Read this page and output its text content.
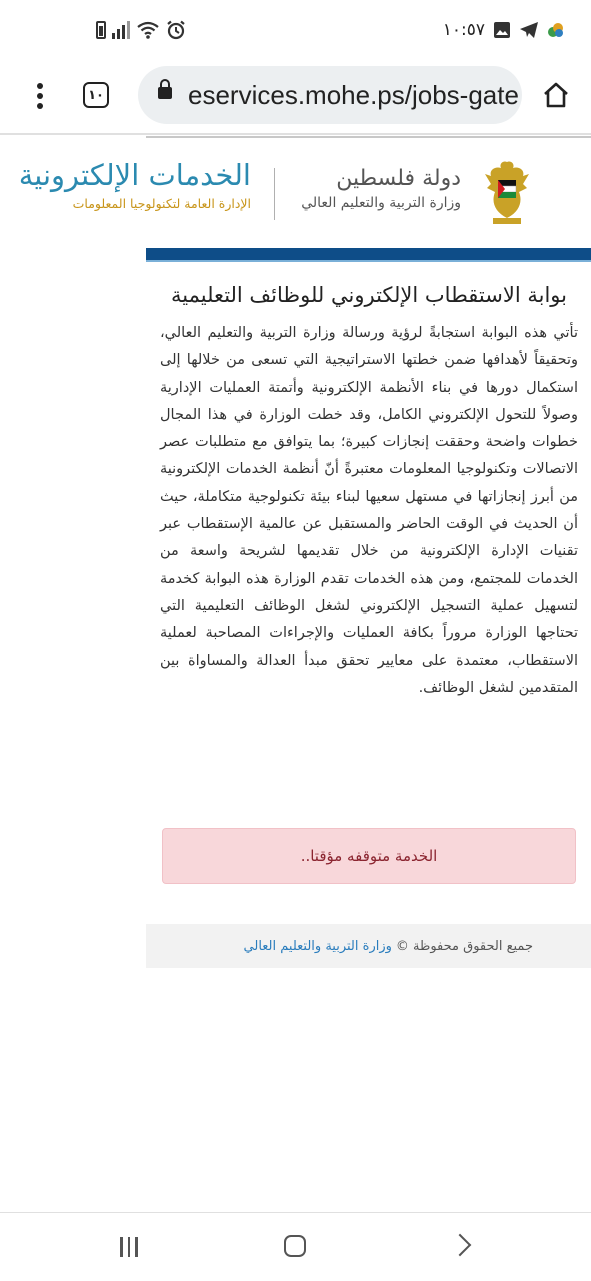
١٠:٥٧
١٠	eservices.mohe.ps/jobs-gate
دولة فلسطين
وزارة التربية والتعليم العالي
الخدمات الإلكترونية
الإدارة العامة لتكنولوجيا المعلومات
بوابة الاستقطاب الإلكتروني للوظائف التعليمية

تأتي هذه البوابة استجابةً لرؤية ورسالة وزارة التربية والتعليم العالي، وتحقيقاً لأهدافها ضمن خطتها الاستراتيجية التي تسعى من خلالها إلى استكمال دورها في بناء الأنظمة الإلكترونية وأتمتة العمليات الإدارية وصولاً للتحول الإلكتروني الكامل، وقد خطت الوزارة في هذا المجال خطوات واضحة وحققت إنجازات كبيرة؛ بما يتوافق مع متطلبات عصر الاتصالات وتكنولوجيا المعلومات معتبرةً أنّ أنظمة الخدمات الإلكترونية من أبرز إنجازاتها في مستهل سعيها لبناء بيئة تكنولوجية متكاملة، حيث أن الحديث في الوقت الحاضر والمستقبل عن عالمية الإستقطاب عبر تقنيات الإدارة الإلكترونية من خلال تقديمها لشريحة واسعة من الخدمات للمجتمع، ومن هذه الخدمات تقدم الوزارة هذه البوابة كخدمة لتسهيل عملية التسجيل الإلكتروني لشغل الوظائف التعليمية التي تحتاجها الوزارة مروراً بكافة العمليات والإجراءات المصاحبة لعملية الاستقطاب، معتمدة على معايير تحقق مبدأ العدالة والمساواة بين المتقدمين لشغل الوظائف.

الخدمة متوقفه مؤقتا..
جميع الحقوق محفوظة ©
وزارة التربية والتعليم العالي
